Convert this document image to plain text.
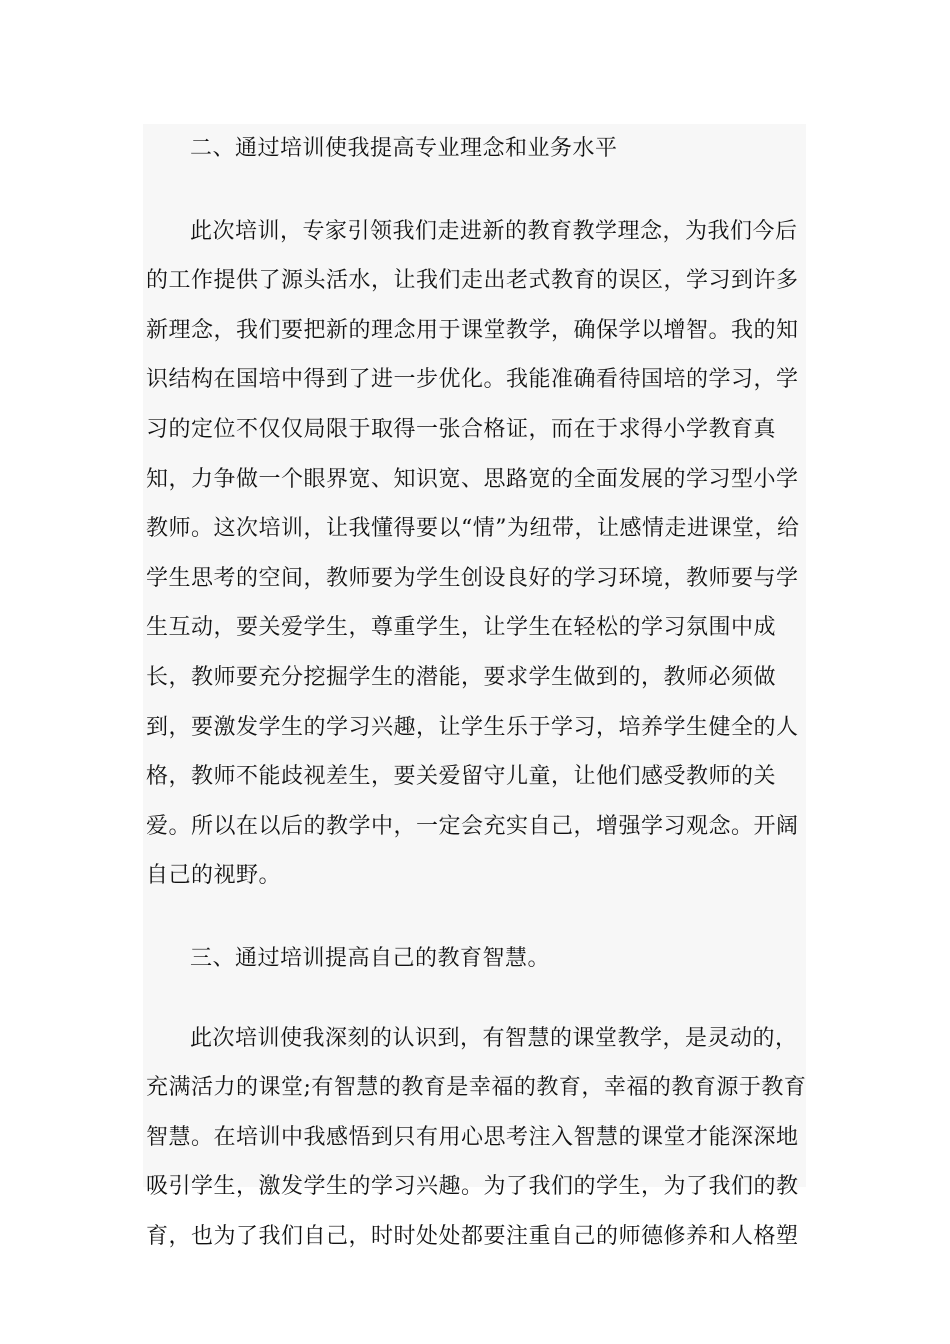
二、通过培训使我提高专业理念和业务水平

此次培训，专家引领我们走进新的教育教学理念，为我们今后的工作提供了源头活水，让我们走出老式教育的误区，学习到许多新理念，我们要把新的理念用于课堂教学，确保学以增智。我的知识结构在国培中得到了进一步优化。我能准确看待国培的学习，学习的定位不仅仅局限于取得一张合格证，而在于求得小学教育真知，力争做一个眼界宽、知识宽、思路宽的全面发展的学习型小学教师。这次培训，让我懂得要以“情”为纽带，让感情走进课堂，给学生思考的空间，教师要为学生创设良好的学习环境，教师要与学生互动，要关爱学生，尊重学生，让学生在轻松的学习氛围中成长，教师要充分挖掘学生的潜能，要求学生做到的，教师必须做到，要激发学生的学习兴趣，让学生乐于学习，培养学生健全的人格，教师不能歧视差生，要关爱留守儿童，让他们感受教师的关爱。所以在以后的教学中，一定会充实自己，增强学习观念。开阔自己的视野。

三、通过培训提高自己的教育智慧。

此次培训使我深刻的认识到，有智慧的课堂教学，是灵动的，充满活力的课堂;有智慧的教育是幸福的教育，幸福的教育源于教育智慧。在培训中我感悟到只有用心思考注入智慧的课堂才能深深地吸引学生，激发学生的学习兴趣。为了我们的学生，为了我们的教育，也为了我们自己，时时处处都要注重自己的师德修养和人格塑
